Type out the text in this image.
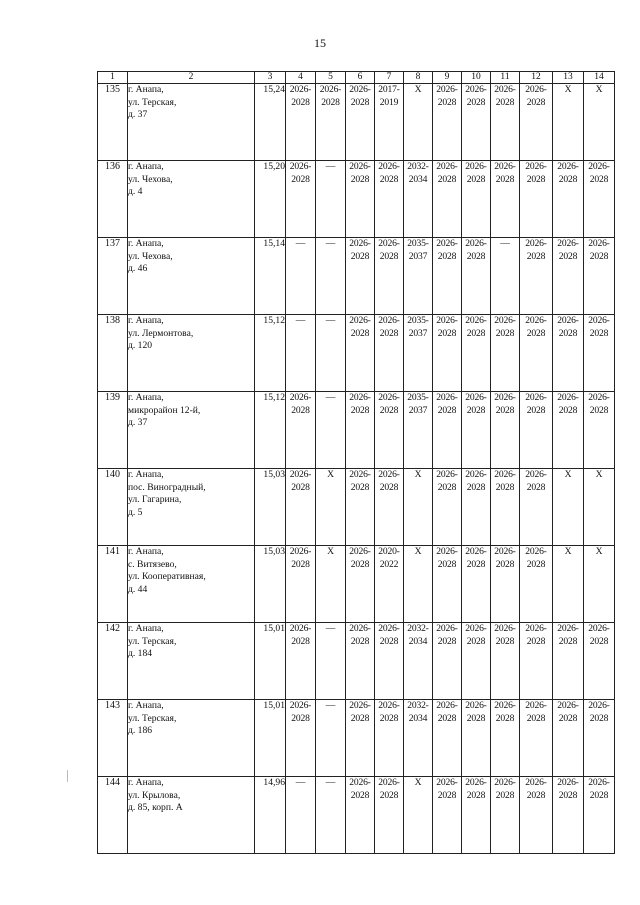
15
1	2	3	4	5	6	7	8	9	10	11	12	13	14
135	г. Анапа,
ул. Терская,
д. 37	15,24	2026-
2028	2026-
2028	2026-
2028	2017-
2019	Х	2026-
2028	2026-
2028	2026-
2028	2026-
2028	Х	Х
136	г. Анапа,
ул. Чехова,
д. 4	15,20	2026-
2028	—	2026-
2028	2026-
2028	2032-
2034	2026-
2028	2026-
2028	2026-
2028	2026-
2028	2026-
2028	2026-
2028
137	г. Анапа,
ул. Чехова,
д. 46	15,14	—	—	2026-
2028	2026-
2028	2035-
2037	2026-
2028	2026-
2028	—	2026-
2028	2026-
2028	2026-
2028
138	г. Анапа,
ул. Лермонтова,
д. 120	15,12	—	—	2026-
2028	2026-
2028	2035-
2037	2026-
2028	2026-
2028	2026-
2028	2026-
2028	2026-
2028	2026-
2028
139	г. Анапа,
микрорайон 12-й,
д. 37	15,12	2026-
2028	—	2026-
2028	2026-
2028	2035-
2037	2026-
2028	2026-
2028	2026-
2028	2026-
2028	2026-
2028	2026-
2028
140	г. Анапа,
пос. Виноградный,
ул. Гагарина,
д. 5	15,03	2026-
2028	Х	2026-
2028	2026-
2028	Х	2026-
2028	2026-
2028	2026-
2028	2026-
2028	Х	Х
141	г. Анапа,
с. Витязево,
ул. Кооперативная,
д. 44	15,03	2026-
2028	Х	2026-
2028	2020-
2022	Х	2026-
2028	2026-
2028	2026-
2028	2026-
2028	Х	Х
142	г. Анапа,
ул. Терская,
д. 184	15,01	2026-
2028	—	2026-
2028	2026-
2028	2032-
2034	2026-
2028	2026-
2028	2026-
2028	2026-
2028	2026-
2028	2026-
2028
143	г. Анапа,
ул. Терская,
д. 186	15,01	2026-
2028	—	2026-
2028	2026-
2028	2032-
2034	2026-
2028	2026-
2028	2026-
2028	2026-
2028	2026-
2028	2026-
2028
144	г. Анапа,
ул. Крылова,
д. 85, корп. А	14,96	—	—	2026-
2028	2026-
2028	Х	2026-
2028	2026-
2028	2026-
2028	2026-
2028	2026-
2028	2026-
2028
